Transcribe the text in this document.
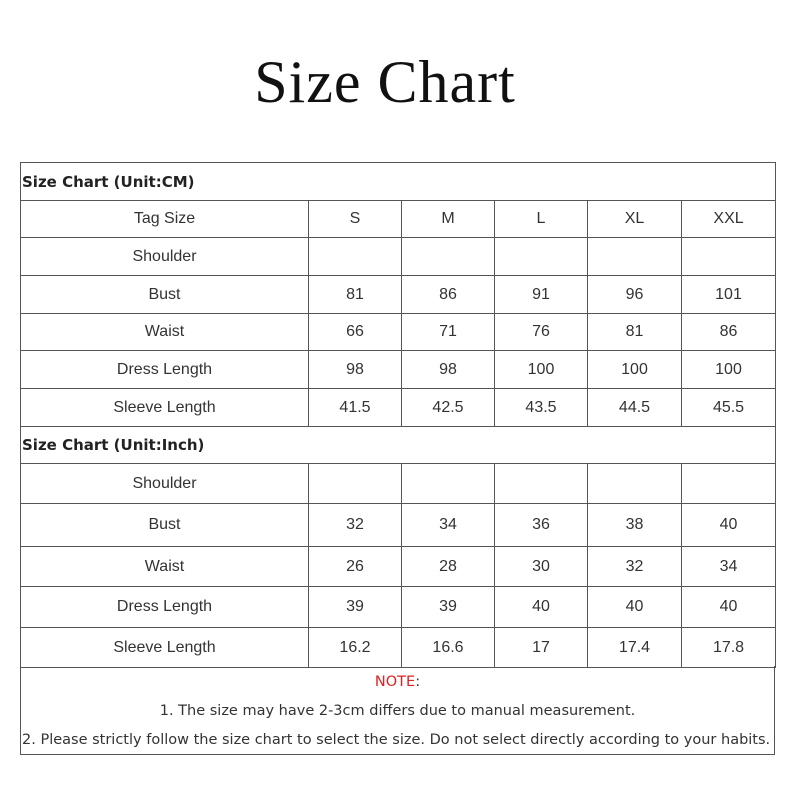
Size Chart
Size Chart (Unit:CM)					
Tag Size	S	M	L	XL	XXL
Shoulder					
Bust	81	86	91	96	101
Waist	66	71	76	81	86
Dress Length	98	98	100	100	100
Sleeve Length	41.5	42.5	43.5	44.5	45.5
Size Chart (Unit:Inch)					
Shoulder					
Bust	32	34	36	38	40
Waist	26	28	30	32	34
Dress Length	39	39	40	40	40
Sleeve Length	16.2	16.6	17	17.4	17.8
NOTE:
1. The size may have 2-3cm differs due to manual measurement.
2. Please strictly follow the size chart to select the size. Do not select directly according to your habits.
